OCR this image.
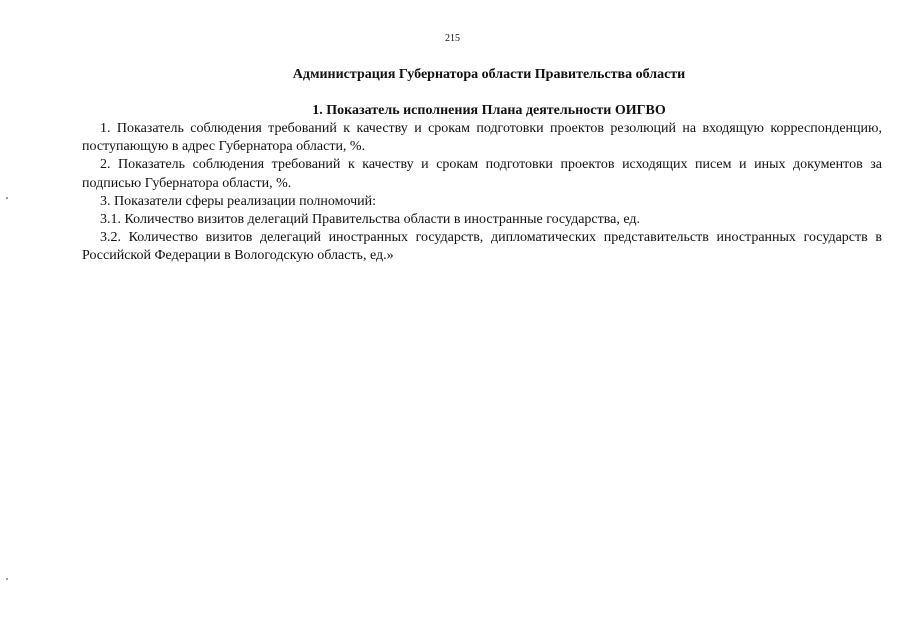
215
Администрация Губернатора области Правительства области
1. Показатель исполнения Плана деятельности ОИГВО

1. Показатель соблюдения требований к качеству и срокам подготовки проектов резолюций на входящую корреспонденцию, поступающую в адрес Губернатора области, %.

2. Показатель соблюдения требований к качеству и срокам подготовки проектов исходящих писем и иных документов за подписью Губернатора области, %.

3. Показатели сферы реализации полномочий:

3.1. Количество визитов делегаций Правительства области в иностранные государства, ед.

3.2. Количество визитов делегаций иностранных государств, дипломатических представительств иностранных государств в Российской Федерации в Вологодскую область, ед.»
